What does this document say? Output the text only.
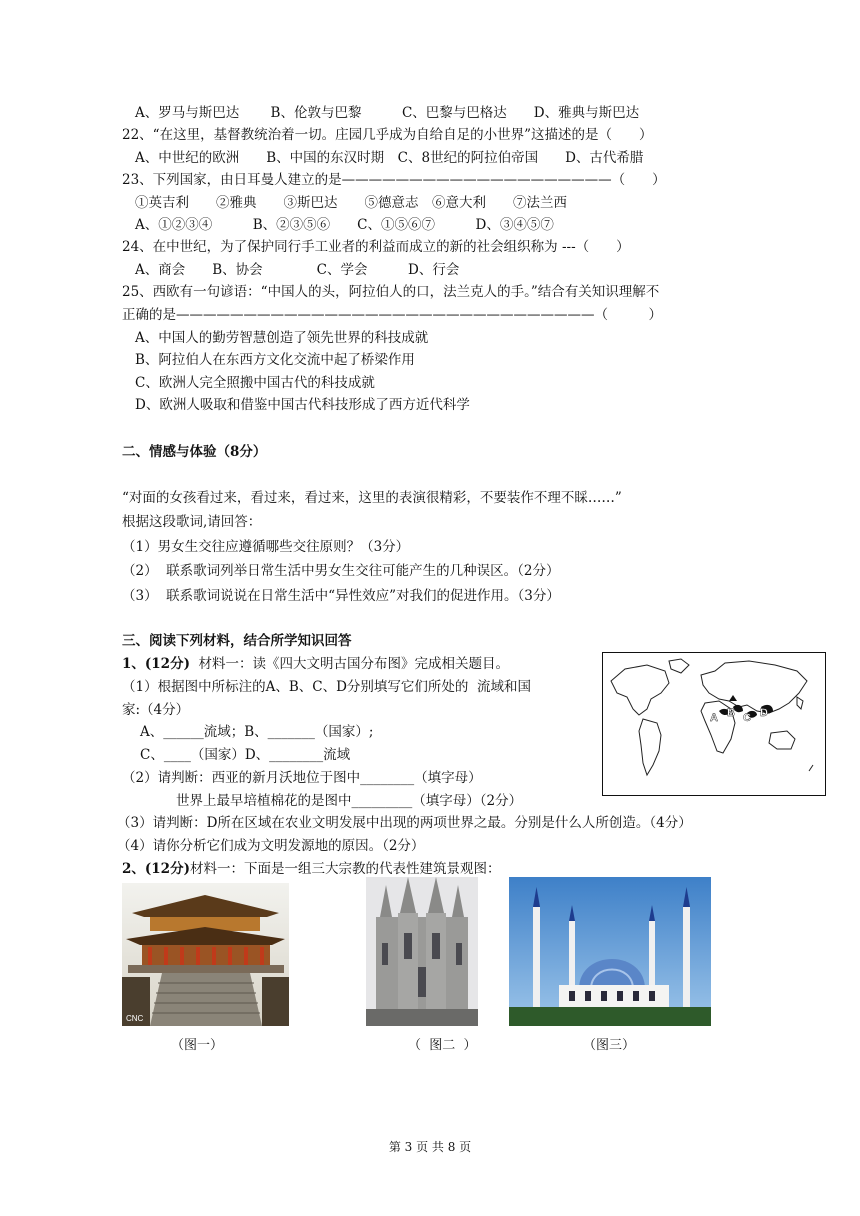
A、罗马与斯巴达　　 B、伦敦与巴黎　　　C、巴黎与巴格达　　D、雅典与斯巴达
22、“在这里，基督教统治着一切。庄园几乎成为自给自足的小世界”这描述的是（　　）
A、中世纪的欧洲　　B、中国的东汉时期　C、8世纪的阿拉伯帝国　　D、古代希腊
23、下列国家，由日耳曼人建立的是————————————————————（　　）
①英吉利　　②雅典　　③斯巴达　　⑤德意志　⑥意大利　　⑦法兰西
A、①②③④　　　B、②③⑤⑥　　C、①⑤⑥⑦　　　D、③④⑤⑦
24、在中世纪，为了保护同行手工业者的利益而成立的新的社会组织称为 ---（　　）
A、商会　　B、协会　　　　C、学会　　　D、行会
25、西欧有一句谚语：“中国人的头，阿拉伯人的口，法兰克人的手。”结合有关知识理解不
正确的是———————————————————————————————（　　　）
A、中国人的勤劳智慧创造了领先世界的科技成就
B、阿拉伯人在东西方文化交流中起了桥梁作用
C、欧洲人完全照搬中国古代的科技成就
D、欧洲人吸取和借鉴中国古代科技形成了西方近代科学
二、情感与体验（8分）
“对面的女孩看过来，看过来，看过来，这里的表演很精彩，不要装作不理不睬……”
根据这段歌词,请回答：
（1）男女生交往应遵循哪些交往原则？（3分）
（2）  联系歌词列举日常生活中男女生交往可能产生的几种误区。（2分）
（3）  联系歌词说说在日常生活中“异性效应”对我们的促进作用。（3分）
三、阅读下列材料，结合所学知识回答
1、(12分)  材料一：读《四大文明古国分布图》完成相关题目。
（1）根据图中所标注的A、B、C、D分别填写它们所处的  流域和国
家:（4分）
A、______流域；B、_______（国家）;
C、____（国家）D、________流域
（2）请判断：西亚的新月沃地位于图中________（填字母）
世界上最早培植棉花的是图中_________（填字母）（2分）
（3）请判断：D所在区域在农业文明发展中出现的两项世界之最。分别是什么人所创造。（4分）
（4）请你分析它们成为文明发源地的原因。（2分）
2、(12分)材料一：下面是一组三大宗教的代表性建筑景观图：
A B C D
CNC
（图一）	（  图二  ）	（图三）
第 3 页 共 8 页
